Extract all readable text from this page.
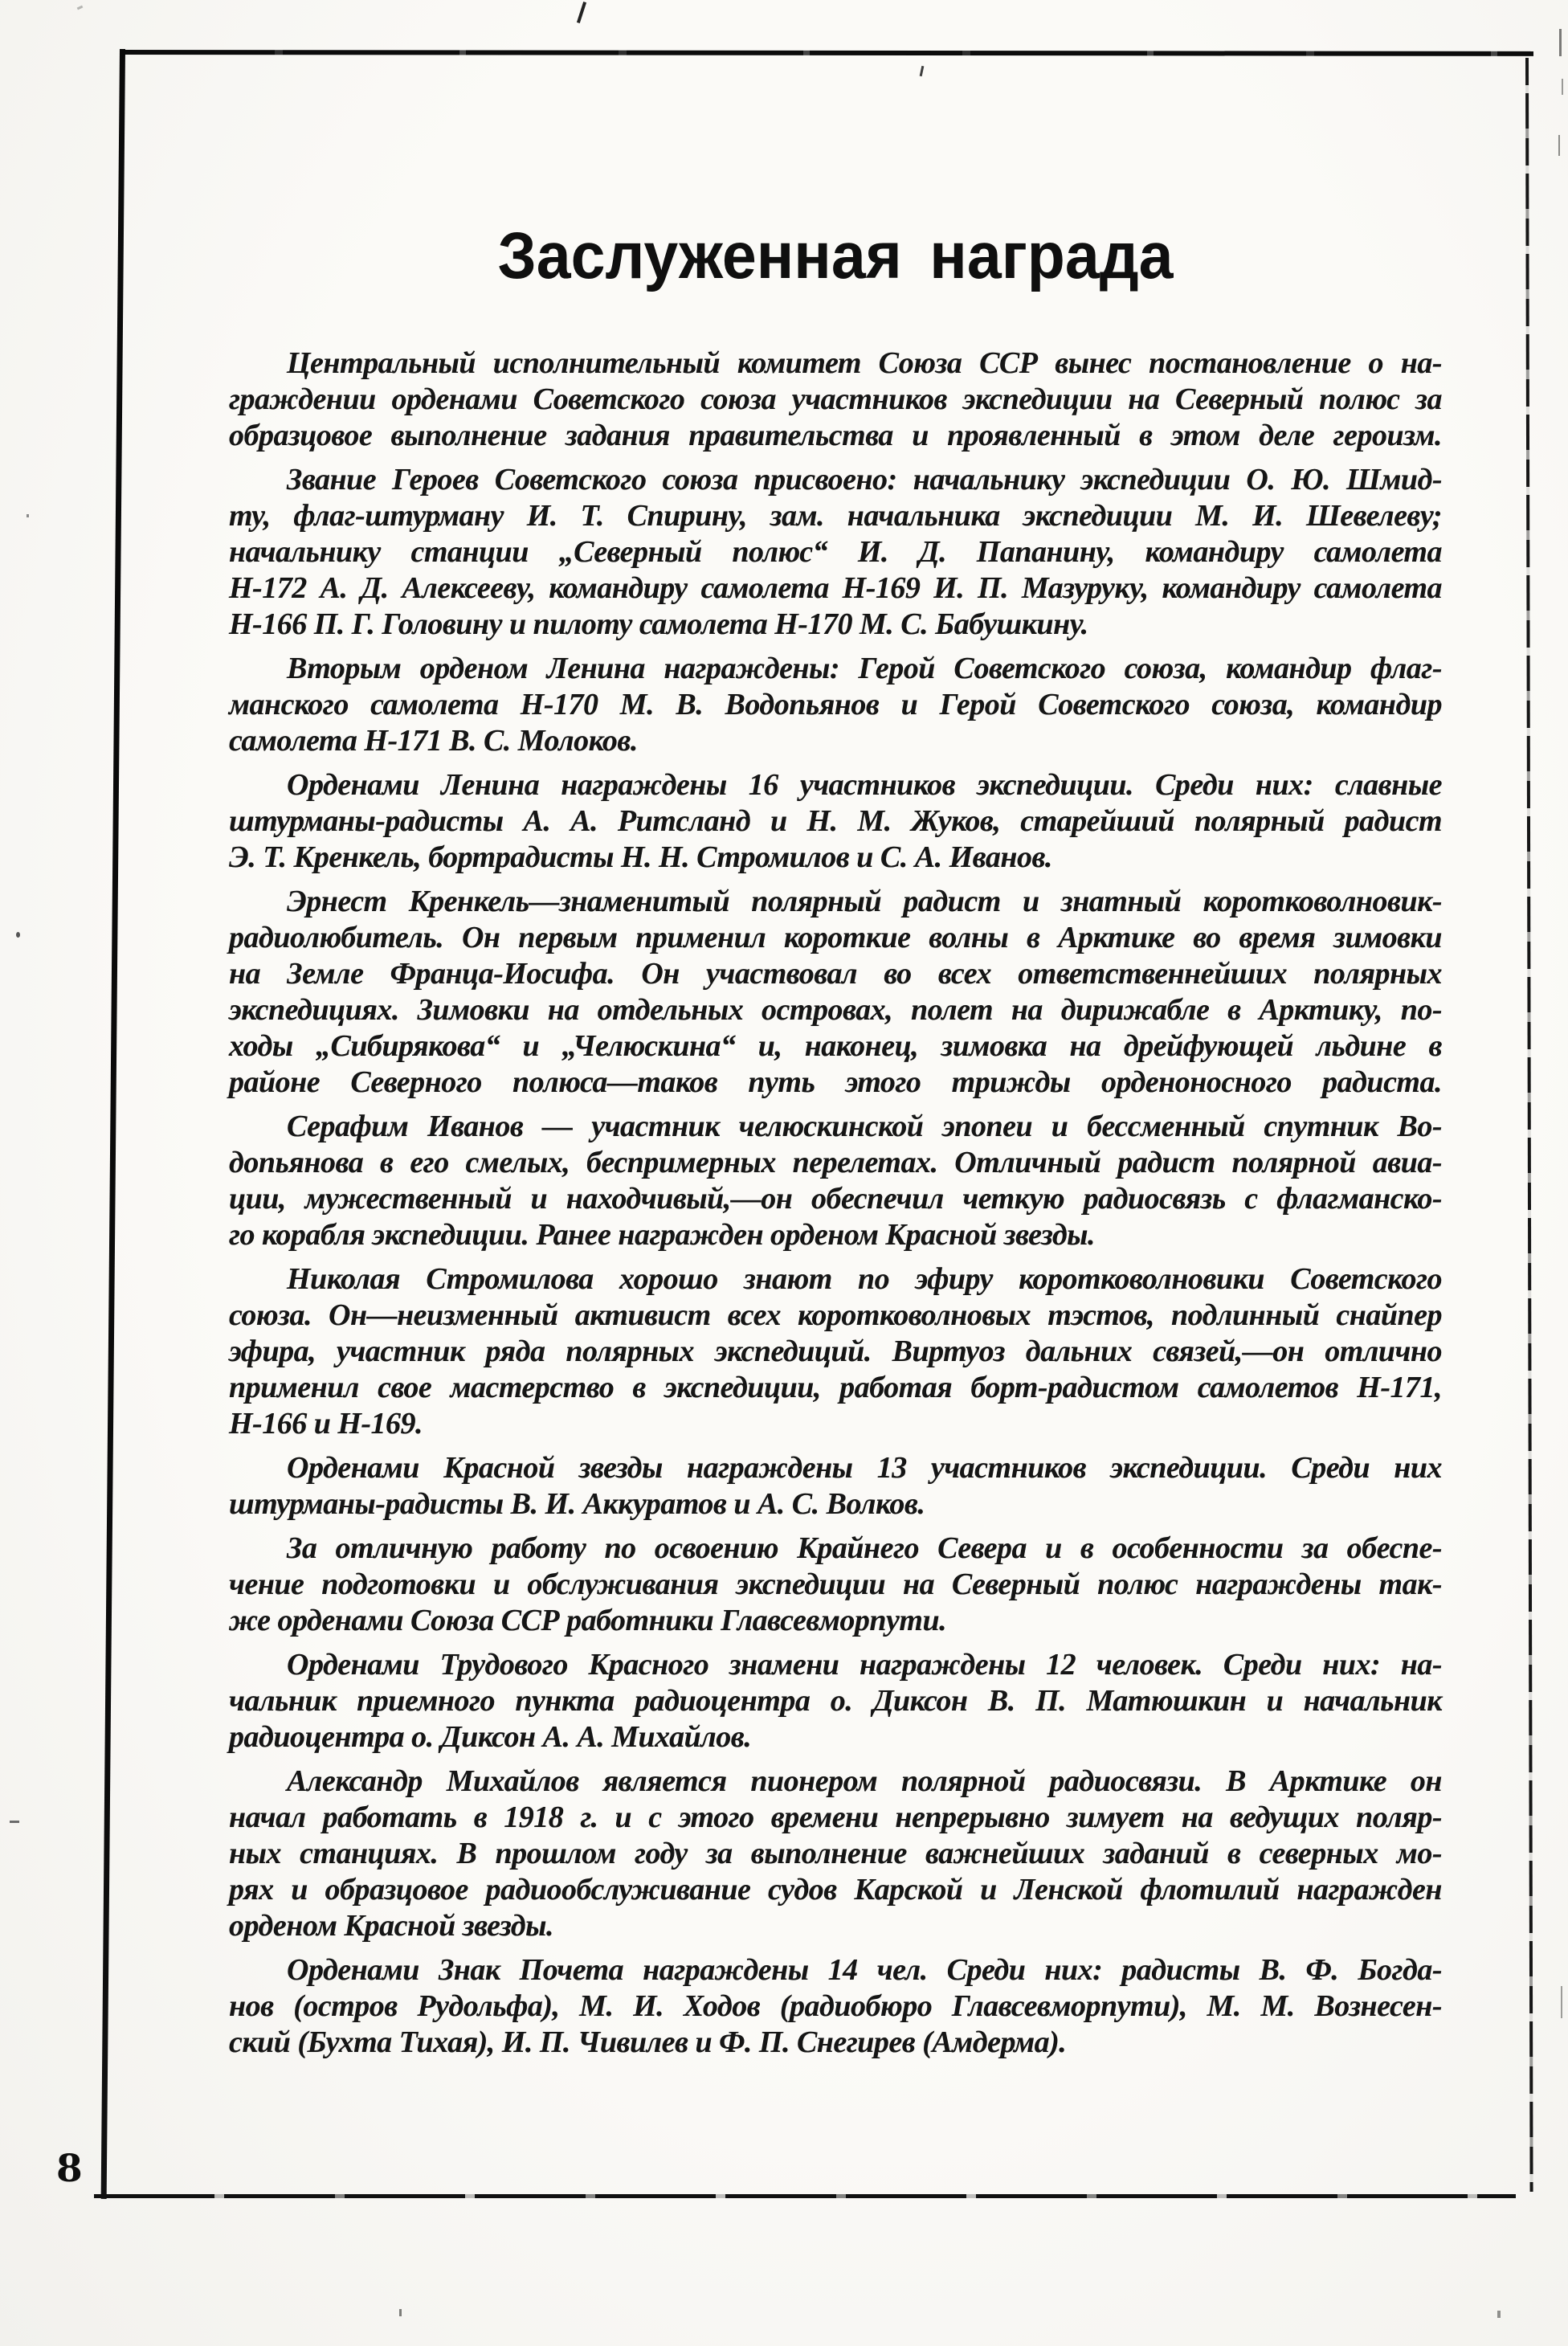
8
Заслуженная награда
Центральный исполнительный комитет Союза ССР вынес постановление о на-
граждении орденами Советского союза участников экспедиции на Северный полюс за
образцовое выполнение задания правительства и проявленный в этом деле героизм.
Звание Героев Советского союза присвоено: начальнику экспедиции О. Ю. Шмид-
ту, флаг-штурману И. Т. Спирину, зам. начальника экспедиции М. И. Шевелеву;
начальнику станции „Северный полюс“ И. Д. Папанину, командиру самолета
Н-172 А. Д. Алексееву, командиру самолета Н-169 И. П. Мазуруку, командиру самолета
Н-166 П. Г. Головину и пилоту самолета Н-170 М. С. Бабушкину.
Вторым орденом Ленина награждены: Герой Советского союза, командир флаг-
манского самолета Н-170 М. В. Водопьянов и Герой Советского союза, командир
самолета Н-171 В. С. Молоков.
Орденами Ленина награждены 16 участников экспедиции. Среди них: славные
штурманы-радисты А. А. Ритсланд и Н. М. Жуков, старейший полярный радист
Э. Т. Кренкель, бортрадисты Н. Н. Стромилов и С. А. Иванов.
Эрнест Кренкель—знаменитый полярный радист и знатный коротковолновик-
радиолюбитель. Он первым применил короткие волны в Арктике во время зимовки
на Земле Франца-Иосифа. Он участвовал во всех ответственнейших полярных
экспедициях. Зимовки на отдельных островах, полет на дирижабле в Арктику, по-
ходы „Сибирякова“ и „Челюскина“ и, наконец, зимовка на дрейфующей льдине в
районе Северного полюса—таков путь этого трижды орденоносного радиста.
Серафим Иванов — участник челюскинской эпопеи и бессменный спутник Во-
допьянова в его смелых, беспримерных перелетах. Отличный радист полярной авиа-
ции, мужественный и находчивый,—он обеспечил четкую радиосвязь с флагманско-
го корабля экспедиции. Ранее награжден орденом Красной звезды.
Николая Стромилова хорошо знают по эфиру коротковолновики Советского
союза. Он—неизменный активист всех коротковолновых тэстов, подлинный снайпер
эфира, участник ряда полярных экспедиций. Виртуоз дальних связей,—он отлично
применил свое мастерство в экспедиции, работая борт-радистом самолетов Н-171,
Н-166 и Н-169.
Орденами Красной звезды награждены 13 участников экспедиции. Среди них
штурманы-радисты В. И. Аккуратов и А. С. Волков.
За отличную работу по освоению Крайнего Севера и в особенности за обеспе-
чение подготовки и обслуживания экспедиции на Северный полюс награждены так-
же орденами Союза ССР работники Главсевморпути.
Орденами Трудового Красного знамени награждены 12 человек. Среди них: на-
чальник приемного пункта радиоцентра о. Диксон В. П. Матюшкин и начальник
радиоцентра о. Диксон А. А. Михайлов.
Александр Михайлов является пионером полярной радиосвязи. В Арктике он
начал работать в 1918 г. и с этого времени непрерывно зимует на ведущих поляр-
ных станциях. В прошлом году за выполнение важнейших заданий в северных мо-
рях и образцовое радиообслуживание судов Карской и Ленской флотилий награжден
орденом Красной звезды.
Орденами Знак Почета награждены 14 чел. Среди них: радисты В. Ф. Богда-
нов (остров Рудольфа), М. И. Ходов (радиобюро Главсевморпути), М. М. Вознесен-
ский (Бухта Тихая), И. П. Чивилев и Ф. П. Снегирев (Амдерма).
